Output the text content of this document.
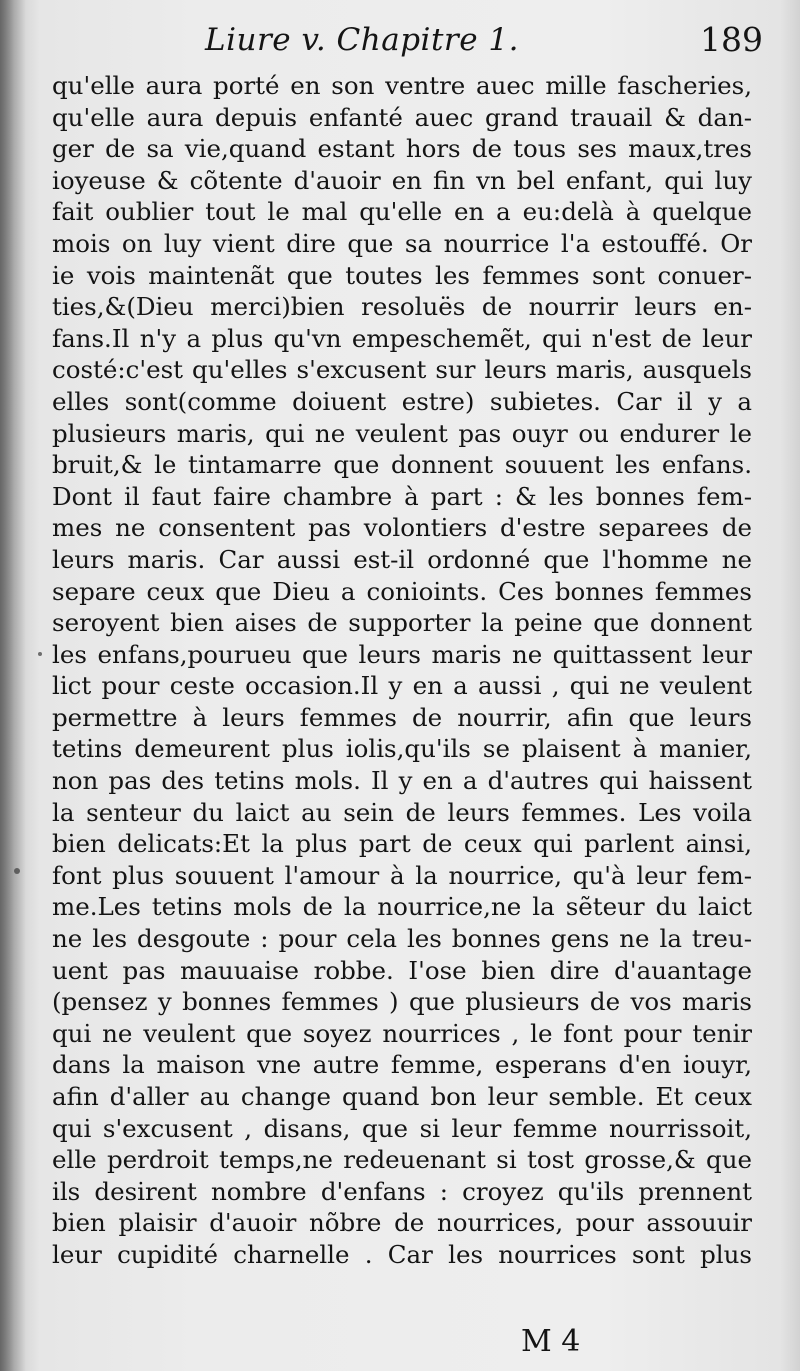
Liure v. Chapitre 1.	189
qu'elle aura porté en son ventre auec mille fascheries,
qu'elle aura depuis enfanté auec grand trauail & dan-
ger de sa vie,quand estant hors de tous ses maux,tres
ioyeuse & cõtente d'auoir en fin vn bel enfant, qui luy
fait oublier tout le mal qu'elle en a eu:delà à quelque
mois on luy vient dire que sa nourrice l'a estouffé. Or
ie vois maintenãt que toutes les femmes sont conuer-
ties,&(Dieu merci)bien resoluës de nourrir leurs en-
fans.Il n'y a plus qu'vn empeschemẽt, qui n'est de leur
costé:c'est qu'elles s'excusent sur leurs maris, ausquels
elles sont(comme doiuent estre) subietes. Car il y a
plusieurs maris, qui ne veulent pas ouyr ou endurer le
bruit,& le tintamarre que donnent souuent les enfans.
Dont il faut faire chambre à part : & les bonnes fem-
mes ne consentent pas volontiers d'estre separees de
leurs maris. Car aussi est-il ordonné que l'homme ne
separe ceux que Dieu a conioints. Ces bonnes femmes
seroyent bien aises de supporter la peine que donnent
les enfans,pourueu que leurs maris ne quittassent leur
lict pour ceste occasion.Il y en a aussi , qui ne veulent
permettre à leurs femmes de nourrir, afin que leurs
tetins demeurent plus iolis,qu'ils se plaisent à manier,
non pas des tetins mols. Il y en a d'autres qui haissent
la senteur du laict au sein de leurs femmes. Les voila
bien delicats:Et la plus part de ceux qui parlent ainsi,
font plus souuent l'amour à la nourrice, qu'à leur fem-
me.Les tetins mols de la nourrice,ne la sẽteur du laict
ne les desgoute : pour cela les bonnes gens ne la treu-
uent pas mauuaise robbe. I'ose bien dire d'auantage
(pensez y bonnes femmes ) que plusieurs de vos maris
qui ne veulent que soyez nourrices , le font pour tenir
dans la maison vne autre femme, esperans d'en iouyr,
afin d'aller au change quand bon leur semble. Et ceux
qui s'excusent , disans, que si leur femme nourrissoit,
elle perdroit temps,ne redeuenant si tost grosse,& que
ils desirent nombre d'enfans : croyez qu'ils prennent
bien plaisir d'auoir nõbre de nourrices, pour assouuir
leur cupidité charnelle . Car les nourrices sont plus
M 4
